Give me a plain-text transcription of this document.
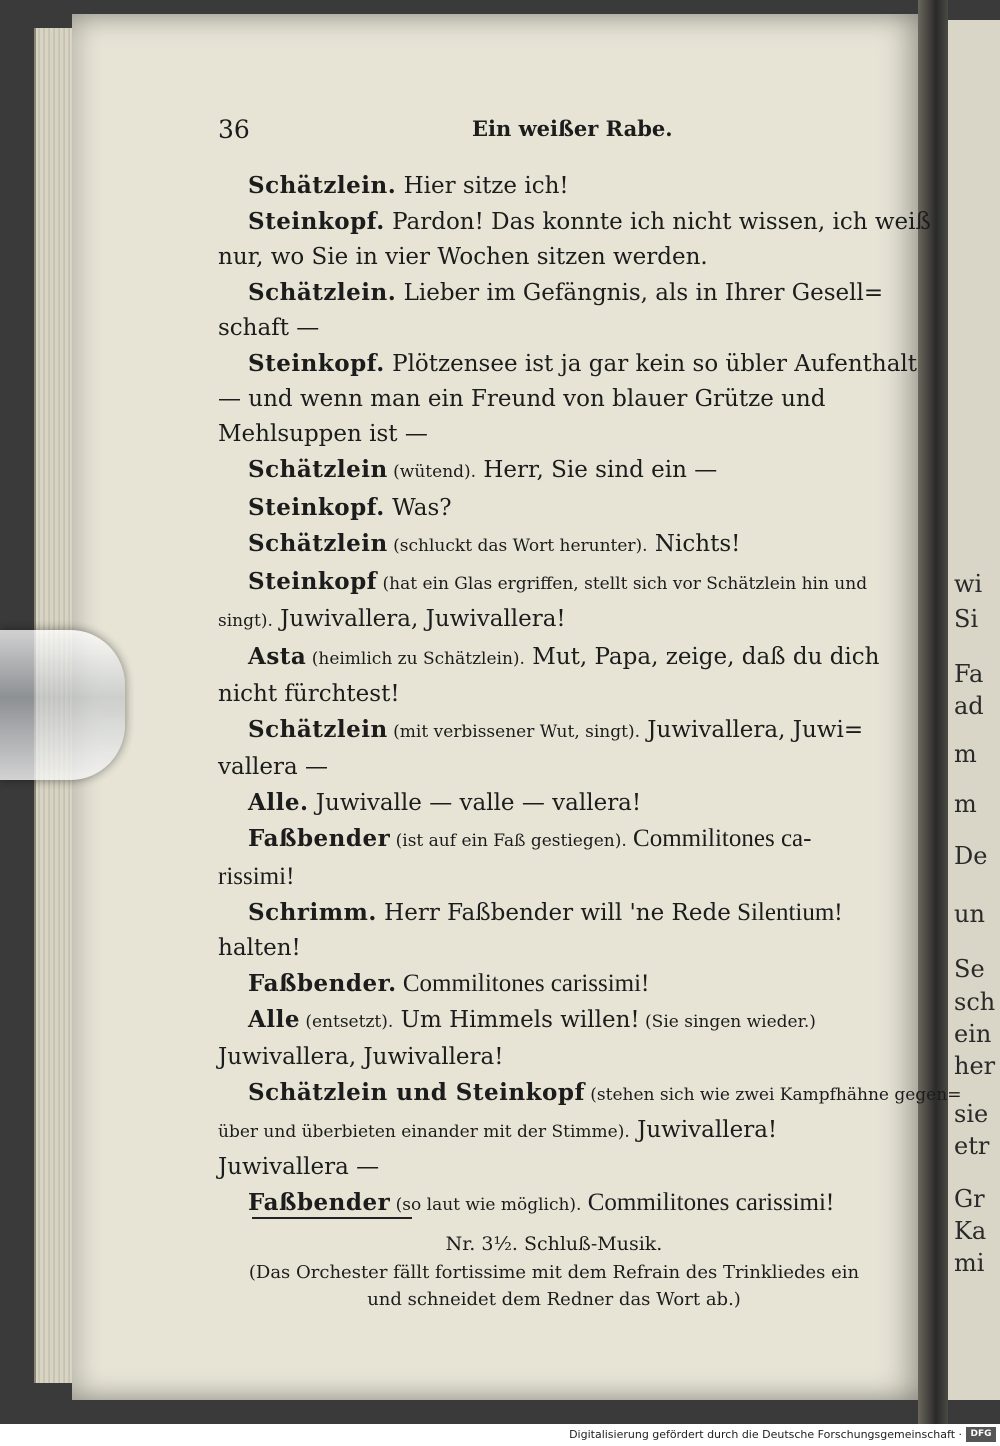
wi
Si
Fa
ad
m
m
De
un
Se
sch
ein
her
sie
etr
Gr
Ka
mi
36	Ein weißer Rabe.
Schätzlein. Hier sitze ich!
Steinkopf. Pardon! Das konnte ich nicht wissen, ich weiß
nur, wo Sie in vier Wochen sitzen werden.
Schätzlein. Lieber im Gefängnis, als in Ihrer Gesell=
schaft —
Steinkopf. Plötzensee ist ja gar kein so übler Aufenthalt
— und wenn man ein Freund von blauer Grütze und
Mehlsuppen ist —
Schätzlein (wütend). Herr, Sie sind ein —
Steinkopf. Was?
Schätzlein (schluckt das Wort herunter). Nichts!
Steinkopf (hat ein Glas ergriffen, stellt sich vor Schätzlein hin und
singt). Juwivallera, Juwivallera!
Asta (heimlich zu Schätzlein). Mut, Papa, zeige, daß du dich
nicht fürchtest!
Schätzlein (mit verbissener Wut, singt). Juwivallera, Juwi=
vallera —
Alle. Juwivalle — valle — vallera!
Faßbender (ist auf ein Faß gestiegen). Commilitones ca-
rissimi!
Schrimm. Herr Faßbender will 'ne Rede Silentium!
halten!
Faßbender. Commilitones carissimi!
Alle (entsetzt). Um Himmels willen! (Sie singen wieder.)
Juwivallera, Juwivallera!
Schätzlein und Steinkopf (stehen sich wie zwei Kampfhähne gegen=
über und überbieten einander mit der Stimme). Juwivallera!
Juwivallera —
Faßbender (so laut wie möglich). Commilitones carissimi!
Nr. 3½. Schluß-Musik.
(Das Orchester fällt fortissime mit dem Refrain des Trinkliedes ein
und schneidet dem Redner das Wort ab.)
Digitalisierung gefördert durch die Deutsche Forschungsgemeinschaft · DFG
